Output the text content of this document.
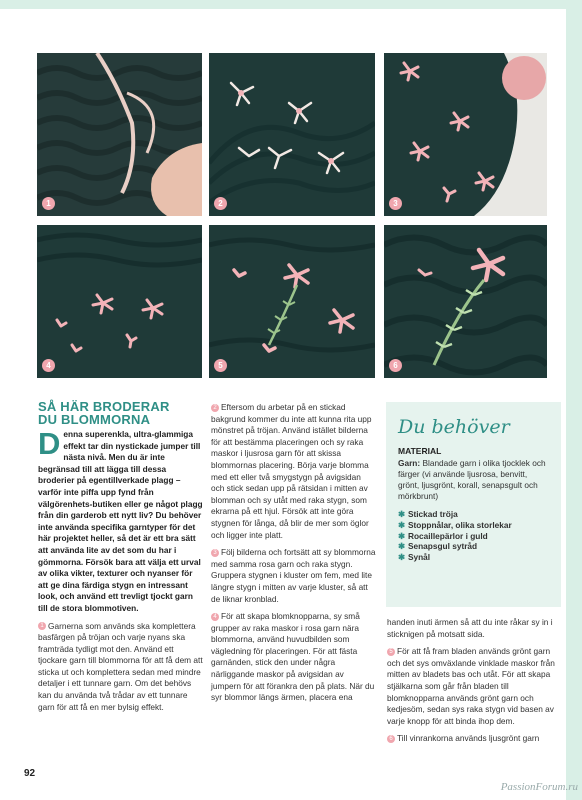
1	2	3
4	5	6
SÅ HÄR BRODERAR
DU BLOMMORNA

Denna superenkla, ultra-glammiga effekt tar din nystickade jumper till nästa nivå. Men du är inte begränsad till att lägga till dessa broderier på egentillverkade plagg – varför inte piffa upp fynd från välgörenhets-butiken eller ge något plagg från din garderob ett nytt liv? Du behöver inte använda specifika garntyper för det här projektet heller, så det är ett bra sätt att använda lite av det som du har i gömmorna. Försök bara att välja ett urval av olika vikter, texturer och nyanser för att ge dina färdiga stygn en intressant look, och använd ett trevligt tjockt garn till de stora blommotiven.

1 Garnerna som används ska komplettera basfärgen på tröjan och varje nyans ska framträda tydligt mot den. Använd ett tjockare garn till blommorna för att få dem att sticka ut och komplettera sedan med mindre detaljer i ett tunnare garn. Om det behövs kan du använda två trådar av ett tunnare garn för att få en mer bylsig effekt.

2 Eftersom du arbetar på en stickad bakgrund kommer du inte att kunna rita upp mönstret på tröjan. Använd istället bilderna för att bestämma placeringen och sy raka maskor i ljusrosa garn för att skissa blommornas placering. Börja varje blomma med ett eller två smygstygn på avigsidan och stick sedan upp på rätsidan i mitten av blomman och sy utåt med raka stygn, som ekrarna på ett hjul. Försök att inte göra stygnen för långa, då blir de mer som öglor och ligger inte platt.

3 Följ bilderna och fortsätt att sy blommorna med samma rosa garn och raka stygn. Gruppera stygnen i kluster om fem, med lite längre stygn i mitten av varje kluster, så att de liknar kronblad.

4 För att skapa blomknopparna, sy små grupper av raka maskor i rosa garn nära blommorna, använd huvudbilden som vägledning för placeringen. För att fästa garnänden, stick den under några närliggande maskor på avigsidan av jumpern för att förankra den på plats. När du syr blommor längs ärmen, placera ena

Du behöver
MATERIAL
Garn: Blandade garn i olika tjocklek och färger (vi använde ljusrosa, benvitt, grönt, ljusgrönt, korall, senapsgult och mörkbrunt)
✱ Stickad tröja
✱ Stoppnålar, olika storlekar
✱ Rocaillepärlor i guld
✱ Senapsgul sytråd
✱ Synål

handen inuti ärmen så att du inte råkar sy in i sticknigen på motsatt sida.

5 För att få fram bladen används grönt garn och det sys omväxlande vinklade maskor från mitten av bladets bas och utåt. För att skapa stjälkarna som går från bladen till blomknopparna används grönt garn och kedjesöm, sedan sys raka stygn vid basen av varje knopp för att binda ihop dem.

6 Till vinrankorna används ljusgrönt garn

92
PassionForum.ru
